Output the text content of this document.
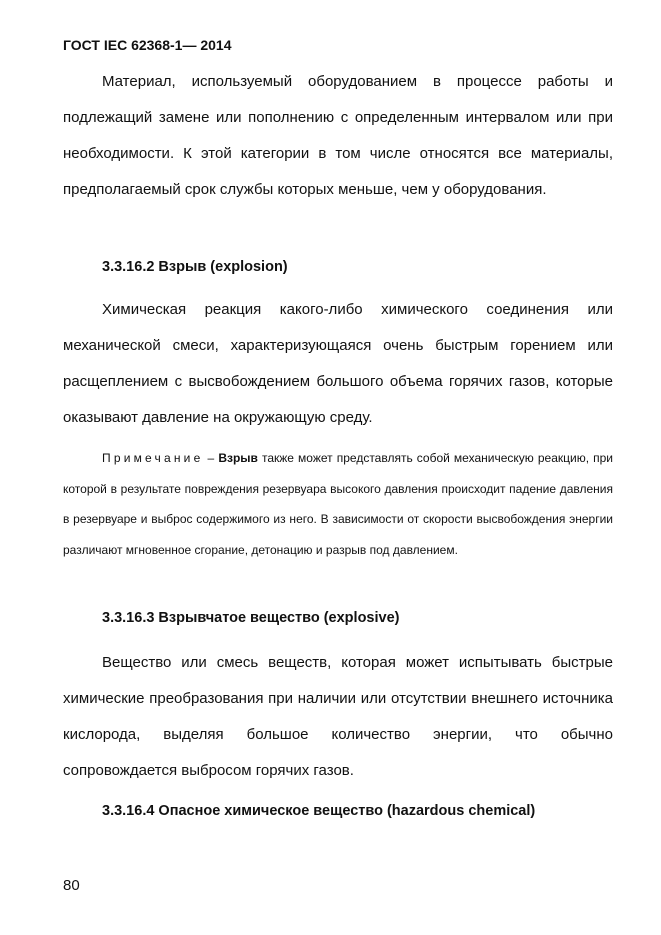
ГОСТ IEC 62368-1— 2014

Материал, используемый оборудованием в процессе работы и подлежащий замене или пополнению с определенным интервалом или при необходимости. К этой категории в том числе относятся все материалы, предполагаемый срок службы которых меньше, чем у оборудования.

3.3.16.2 Взрыв (explosion)

Химическая реакция какого-либо химического соединения или механической смеси, характеризующаяся очень быстрым горением или расщеплением с высвобождением большого объема горячих газов, которые оказывают давление на окружающую среду.

Примечание – Взрыв также может представлять собой механическую реакцию, при которой в результате повреждения резервуара высокого давления происходит падение давления в резервуаре и выброс содержимого из него. В зависимости от скорости высвобождения энергии различают мгновенное сгорание, детонацию и разрыв под давлением.

3.3.16.3 Взрывчатое вещество (explosive)

Вещество или смесь веществ, которая может испытывать быстрые химические преобразования при наличии или отсутствии внешнего источника кислорода, выделяя большое количество энергии, что обычно сопровождается выбросом горячих газов.

3.3.16.4 Опасное химическое вещество (hazardous chemical)

80
